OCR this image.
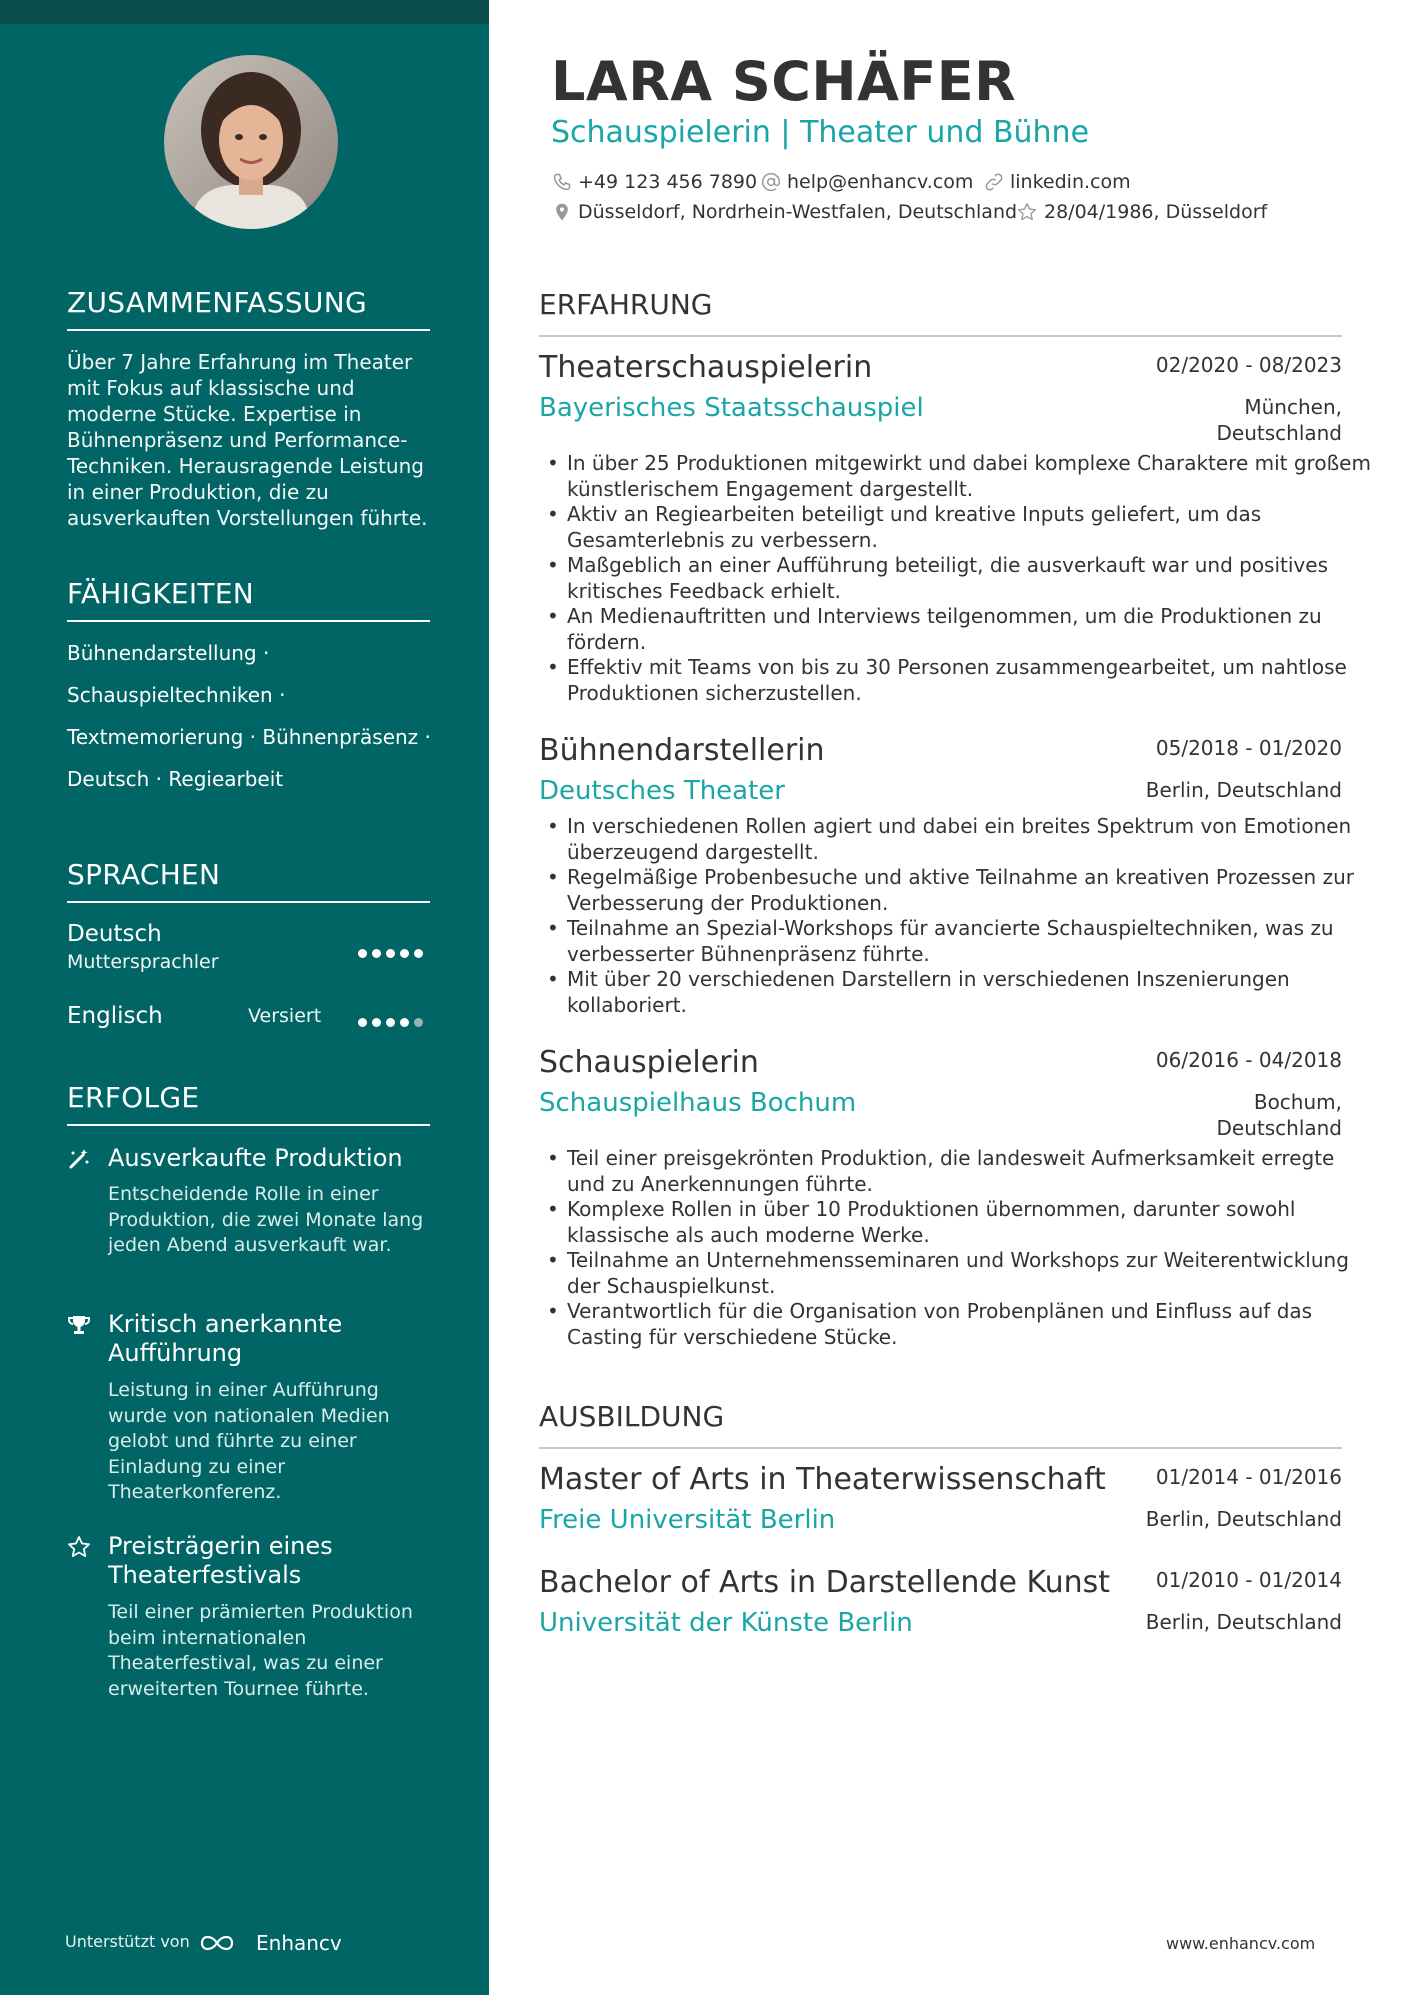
ZUSAMMENFASSUNG
Über 7 Jahre Erfahrung im Theater mit Fokus auf klassische und moderne Stücke. Expertise in Bühnenpräsenz und Performance-Techniken. Herausragende Leistung in einer Produktion, die zu ausverkauften Vorstellungen führte.
FÄHIGKEITEN
Bühnendarstellung ·
Schauspieltechniken ·
Textmemorierung · Bühnenpräsenz ·
Deutsch · Regiearbeit
SPRACHEN
Deutsch
Muttersprachler
Englisch	Versiert
ERFOLGE
Ausverkaufte Produktion
Entscheidende Rolle in einer Produktion, die zwei Monate lang jeden Abend ausverkauft war.
Kritisch anerkannte Aufführung
Leistung in einer Aufführung wurde von nationalen Medien gelobt und führte zu einer Einladung zu einer Theaterkonferenz.
Preisträgerin eines Theaterfestivals
Teil einer prämierten Produktion beim internationalen Theaterfestival, was zu einer erweiterten Tournee führte.
Unterstützt von	Enhancv
LARA SCHÄFER
Schauspielerin | Theater und Bühne
+49 123 456 7890 help@enhancv.com linkedin.com
Düsseldorf, Nordrhein-Westfalen, Deutschland 28/04/1986, Düsseldorf
ERFAHRUNG
Theaterschauspielerin	02/2020 - 08/2023
Bayerisches Staatsschauspiel	München,
Deutschland
• In über 25 Produktionen mitgewirkt und dabei komplexe Charaktere mit großem künstlerischem Engagement dargestellt.
• Aktiv an Regiearbeiten beteiligt und kreative Inputs geliefert, um das Gesamterlebnis zu verbessern.
• Maßgeblich an einer Aufführung beteiligt, die ausverkauft war und positives kritisches Feedback erhielt.
• An Medienauftritten und Interviews teilgenommen, um die Produktionen zu fördern.
• Effektiv mit Teams von bis zu 30 Personen zusammengearbeitet, um nahtlose Produktionen sicherzustellen.
Bühnendarstellerin	05/2018 - 01/2020
Deutsches Theater	Berlin, Deutschland
• In verschiedenen Rollen agiert und dabei ein breites Spektrum von Emotionen überzeugend dargestellt.
• Regelmäßige Probenbesuche und aktive Teilnahme an kreativen Prozessen zur Verbesserung der Produktionen.
• Teilnahme an Spezial-Workshops für avancierte Schauspieltechniken, was zu verbesserter Bühnenpräsenz führte.
• Mit über 20 verschiedenen Darstellern in verschiedenen Inszenierungen kollaboriert.
Schauspielerin	06/2016 - 04/2018
Schauspielhaus Bochum	Bochum,
Deutschland
• Teil einer preisgekrönten Produktion, die landesweit Aufmerksamkeit erregte und zu Anerkennungen führte.
• Komplexe Rollen in über 10 Produktionen übernommen, darunter sowohl klassische als auch moderne Werke.
• Teilnahme an Unternehmensseminaren und Workshops zur Weiterentwicklung der Schauspielkunst.
• Verantwortlich für die Organisation von Probenplänen und Einfluss auf das Casting für verschiedene Stücke.
AUSBILDUNG
Master of Arts in Theaterwissenschaft	01/2014 - 01/2016
Freie Universität Berlin	Berlin, Deutschland
Bachelor of Arts in Darstellende Kunst 01/2010 - 01/2014
Universität der Künste Berlin	Berlin, Deutschland
www.enhancv.com
